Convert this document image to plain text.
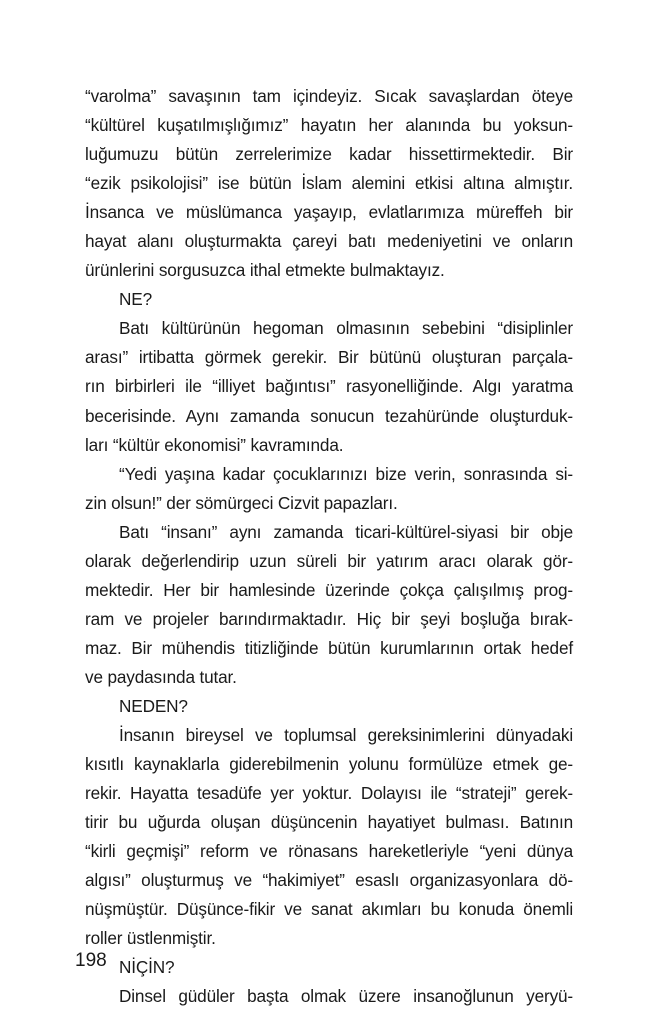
“varolma” savaşının tam içindeyiz. Sıcak savaşlardan öteye
“kültürel kuşatılmışlığımız” hayatın her alanında bu yoksun-
luğumuzu bütün zerrelerimize kadar hissettirmektedir. Bir
“ezik psikolojisi” ise bütün İslam alemini etkisi altına almıştır.
İnsanca ve müslümanca yaşayıp, evlatlarımıza müreffeh bir
hayat alanı oluşturmakta çareyi batı medeniyetini ve onların
ürünlerini sorgusuzca ithal etmekte bulmaktayız.
NE?
Batı kültürünün hegoman olmasının sebebini “disiplinler
arası” irtibatta görmek gerekir. Bir bütünü oluşturan parçala-
rın birbirleri ile “illiyet bağıntısı” rasyonelliğinde. Algı yaratma
becerisinde. Aynı zamanda sonucun tezahüründe oluşturduk-
ları “kültür ekonomisi” kavramında.
“Yedi yaşına kadar çocuklarınızı bize verin, sonrasında si-
zin olsun!” der sömürgeci Cizvit papazları.
Batı “insanı” aynı zamanda ticari-kültürel-siyasi bir obje
olarak değerlendirip uzun süreli bir yatırım aracı olarak gör-
mektedir. Her bir hamlesinde üzerinde çokça çalışılmış prog-
ram ve projeler barındırmaktadır. Hiç bir şeyi boşluğa bırak-
maz. Bir mühendis titizliğinde bütün kurumlarının ortak hedef
ve paydasında tutar.
NEDEN?
İnsanın bireysel ve toplumsal gereksinimlerini dünyadaki
kısıtlı kaynaklarla giderebilmenin yolunu formülüze etmek ge-
rekir. Hayatta tesadüfe yer yoktur. Dolayısı ile “strateji” gerek-
tirir bu uğurda oluşan düşüncenin hayatiyet bulması. Batının
“kirli geçmişi” reform ve rönasans hareketleriyle “yeni dünya
algısı” oluşturmuş ve “hakimiyet” esaslı organizasyonlara dö-
nüşmüştür. Düşünce-fikir ve sanat akımları bu konuda önemli
roller üstlenmiştir.
NİÇİN?
Dinsel güdüler başta olmak üzere insanoğlunun yeryü-
198
